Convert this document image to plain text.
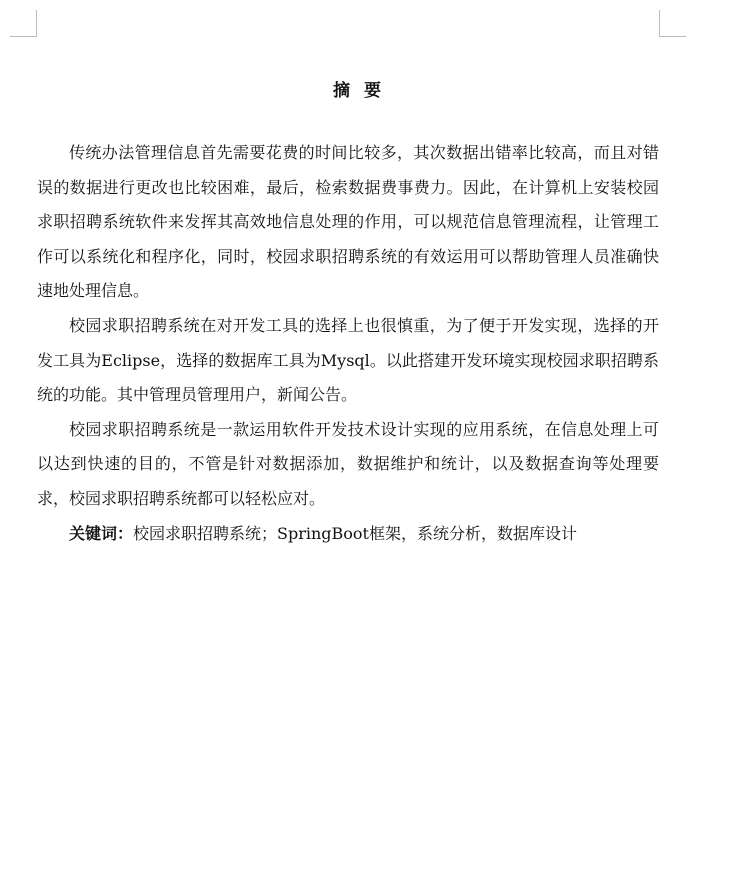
摘要

传统办法管理信息首先需要花费的时间比较多，其次数据出错率比较高，而且对错误的数据进行更改也比较困难，最后，检索数据费事费力。因此，在计算机上安装校园求职招聘系统软件来发挥其高效地信息处理的作用，可以规范信息管理流程，让管理工作可以系统化和程序化，同时，校园求职招聘系统的有效运用可以帮助管理人员准确快速地处理信息。

校园求职招聘系统在对开发工具的选择上也很慎重，为了便于开发实现，选择的开发工具为Eclipse，选择的数据库工具为Mysql。以此搭建开发环境实现校园求职招聘系统的功能。其中管理员管理用户，新闻公告。

校园求职招聘系统是一款运用软件开发技术设计实现的应用系统，在信息处理上可以达到快速的目的，不管是针对数据添加，数据维护和统计，以及数据查询等处理要求，校园求职招聘系统都可以轻松应对。

关键词：校园求职招聘系统；SpringBoot框架，系统分析，数据库设计
